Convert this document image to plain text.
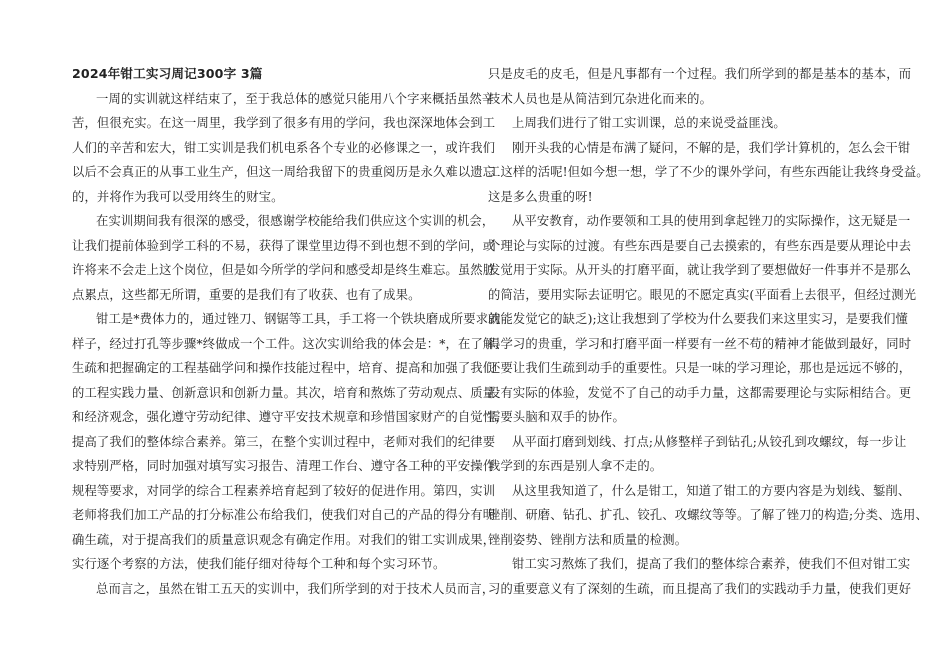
2024年钳工实习周记300字 3篇
一周的实训就这样结束了，至于我总体的感觉只能用八个字来概括虽然辛
苦，但很充实。在这一周里，我学到了很多有用的学问，我也深深地体会到工
人们的辛苦和宏大，钳工实训是我们机电系各个专业的必修课之一，或许我们
以后不会真正的从事工业生产，但这一周给我留下的贵重阅历是永久难以遗忘
的，并将作为我可以受用终生的财宝。
在实训期间我有很深的感受，很感谢学校能给我们供应这个实训的机会，
让我们提前体验到学工科的不易，获得了课堂里边得不到也想不到的学问，或
许将来不会走上这个岗位，但是如今所学的学问和感受却是终生难忘。虽然脏
点累点，这些都无所谓，重要的是我们有了收获、也有了成果。
钳工是*费体力的，通过锉刀、钢锯等工具，手工将一个铁块磨成所要求的
样子，经过打孔等步骤*终做成一个工件。这次实训给我的体会是：*，在了解、
生疏和把握确定的工程基础学问和操作技能过程中，培育、提高和加强了我们
的工程实践力量、创新意识和创新力量。其次，培育和熬炼了劳动观点、质量
和经济观念，强化遵守劳动纪律、遵守平安技术规章和珍惜国家财产的自觉性，
提高了我们的整体综合素养。第三，在整个实训过程中，老师对我们的纪律要
求特别严格，同时加强对填写实习报告、清理工作台、遵守各工种的平安操作
规程等要求，对同学的综合工程素养培育起到了较好的促进作用。第四，实训
老师将我们加工产品的打分标准公布给我们，使我们对自己的产品的得分有明
确生疏，对于提高我们的质量意识观念有确定作用。对我们的钳工实训成果，
实行逐个考察的方法，使我们能仔细对待每个工种和每个实习环节。
总而言之，虽然在钳工五天的实训中，我们所学到的对于技术人员而言，
只是皮毛的皮毛，但是凡事都有一个过程。我们所学到的都是基本的基本，而
技术人员也是从简洁到冗杂进化而来的。
上周我们进行了钳工实训课，总的来说受益匪浅。
刚开头我的心情是布满了疑问，不解的是，我们学计算机的，怎么会干钳
工这样的活呢!但如今想一想，学了不少的课外学问，有些东西能让我终身受益。
这是多么贵重的呀!
从平安教育，动作要领和工具的使用到拿起锉刀的实际操作，这无疑是一
个理论与实际的过渡。有些东西是要自己去摸索的，有些东西是要从理论中去
发觉用于实际。从开头的打磨平面，就让我学到了要想做好一件事并不是那么
的简洁，要用实际去证明它。眼见的不愿定真实(平面看上去很平，但经过测光
就能发觉它的缺乏);这让我想到了学校为什么要我们来这里实习，是要我们懂
得学习的贵重，学习和打磨平面一样要有一丝不苟的精神才能做到最好，同时
还要让我们生疏到动手的重要性。只是一味的学习理论，那也是远远不够的，
没有实际的体验，发觉不了自己的动手力量，这都需要理论与实际相结合。更
需要头脑和双手的协作。
从平面打磨到划线、打点;从修整样子到钻孔;从铰孔到攻螺纹，每一步让
我学到的东西是别人拿不走的。
从这里我知道了，什么是钳工，知道了钳工的方要内容是为划线、錾削、
锉削、研磨、钻孔、扩孔、铰孔、攻螺纹等等。了解了锉刀的构造;分类、选用、
锉削姿势、锉削方法和质量的检测。
钳工实习熬炼了我们，提高了我们的整体综合素养，使我们不但对钳工实
习的重要意义有了深刻的生疏，而且提高了我们的实践动手力量，使我们更好
